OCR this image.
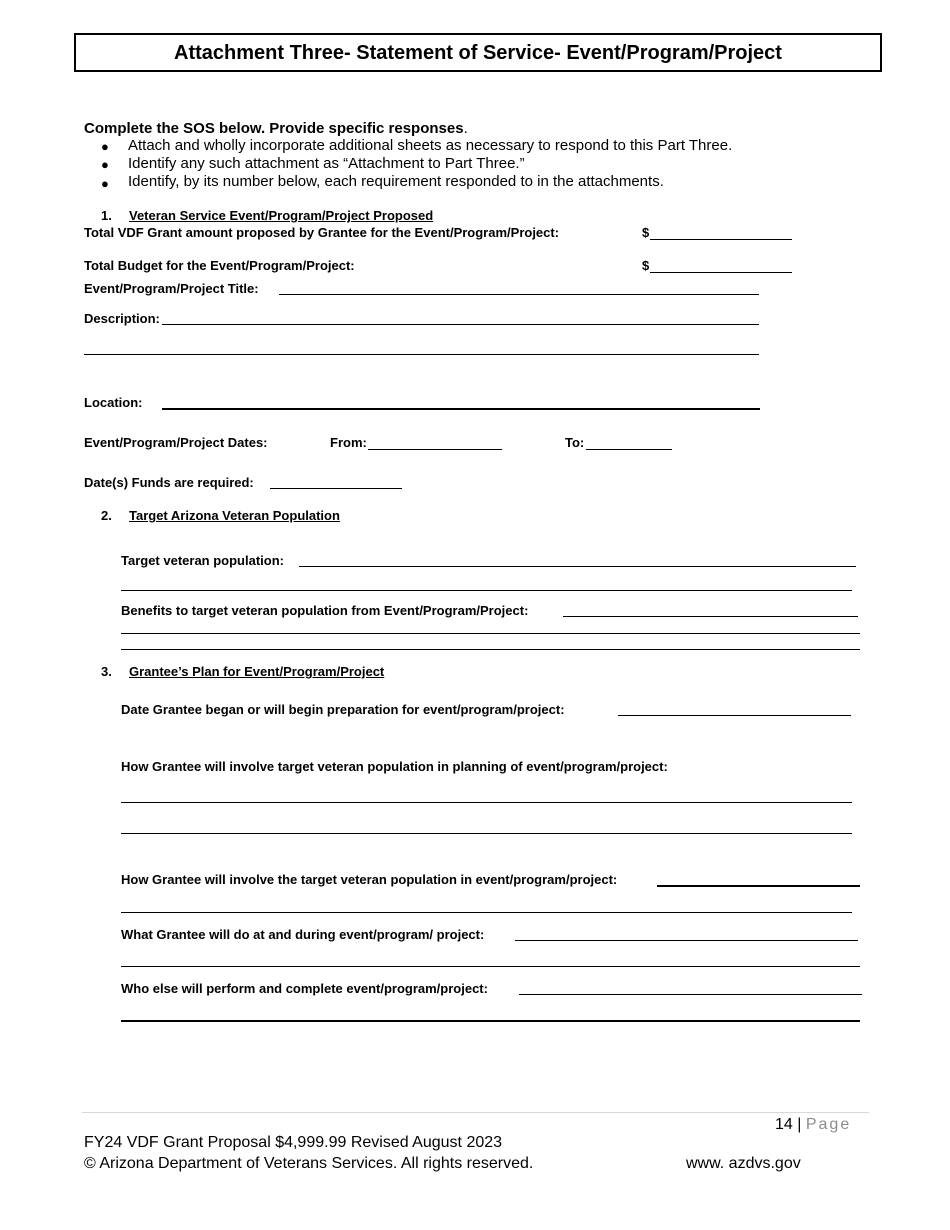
Attachment Three- Statement of Service- Event/Program/Project
Complete the SOS below. Provide specific responses.
● Attach and wholly incorporate additional sheets as necessary to respond to this Part Three.
● Identify any such attachment as “Attachment to Part Three.”
● Identify, by its number below, each requirement responded to in the attachments.
1. Veteran Service Event/Program/Project Proposed
Total VDF Grant amount proposed by Grantee for the Event/Program/Project:	$
Total Budget for the Event/Program/Project:	$
Event/Program/Project Title:
Description:
Location:
Event/Program/Project Dates:	From:	To:
Date(s) Funds are required:
2. Target Arizona Veteran Population
Target veteran population:
Benefits to target veteran population from Event/Program/Project:
3. Grantee’s Plan for Event/Program/Project
Date Grantee began or will begin preparation for event/program/project:
How Grantee will involve target veteran population in planning of event/program/project:
How Grantee will involve the target veteran population in event/program/project:
What Grantee will do at and during event/program/ project:
Who else will perform and complete event/program/project:
14 | Page
FY24 VDF Grant Proposal $4,999.99 Revised August 2023
© Arizona Department of Veterans Services. All rights reserved.	www. azdvs.gov
